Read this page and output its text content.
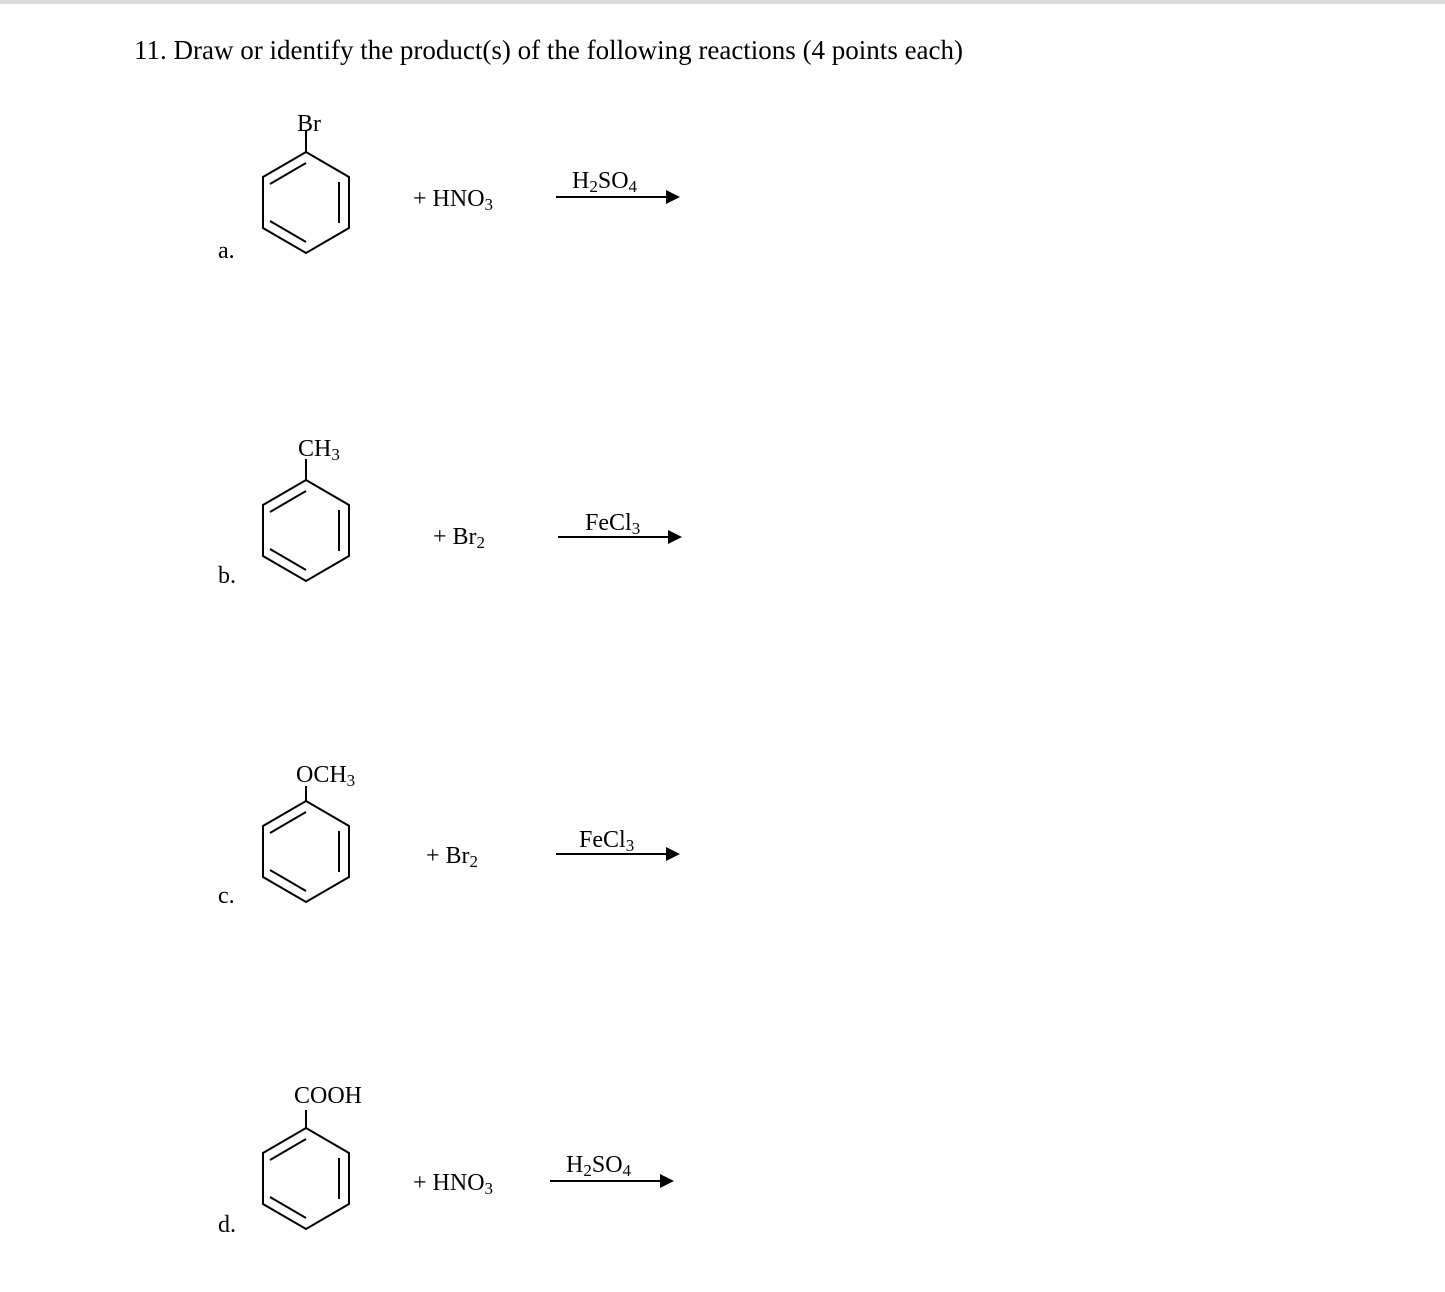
11. Draw or identify the product(s) of the following reactions (4 points each)
a.
Br
+ HNO3
H2SO4
b.
CH3
+ Br2
FeCl3
c.
OCH3
+ Br2
FeCl3
d.
COOH
+ HNO3
H2SO4
